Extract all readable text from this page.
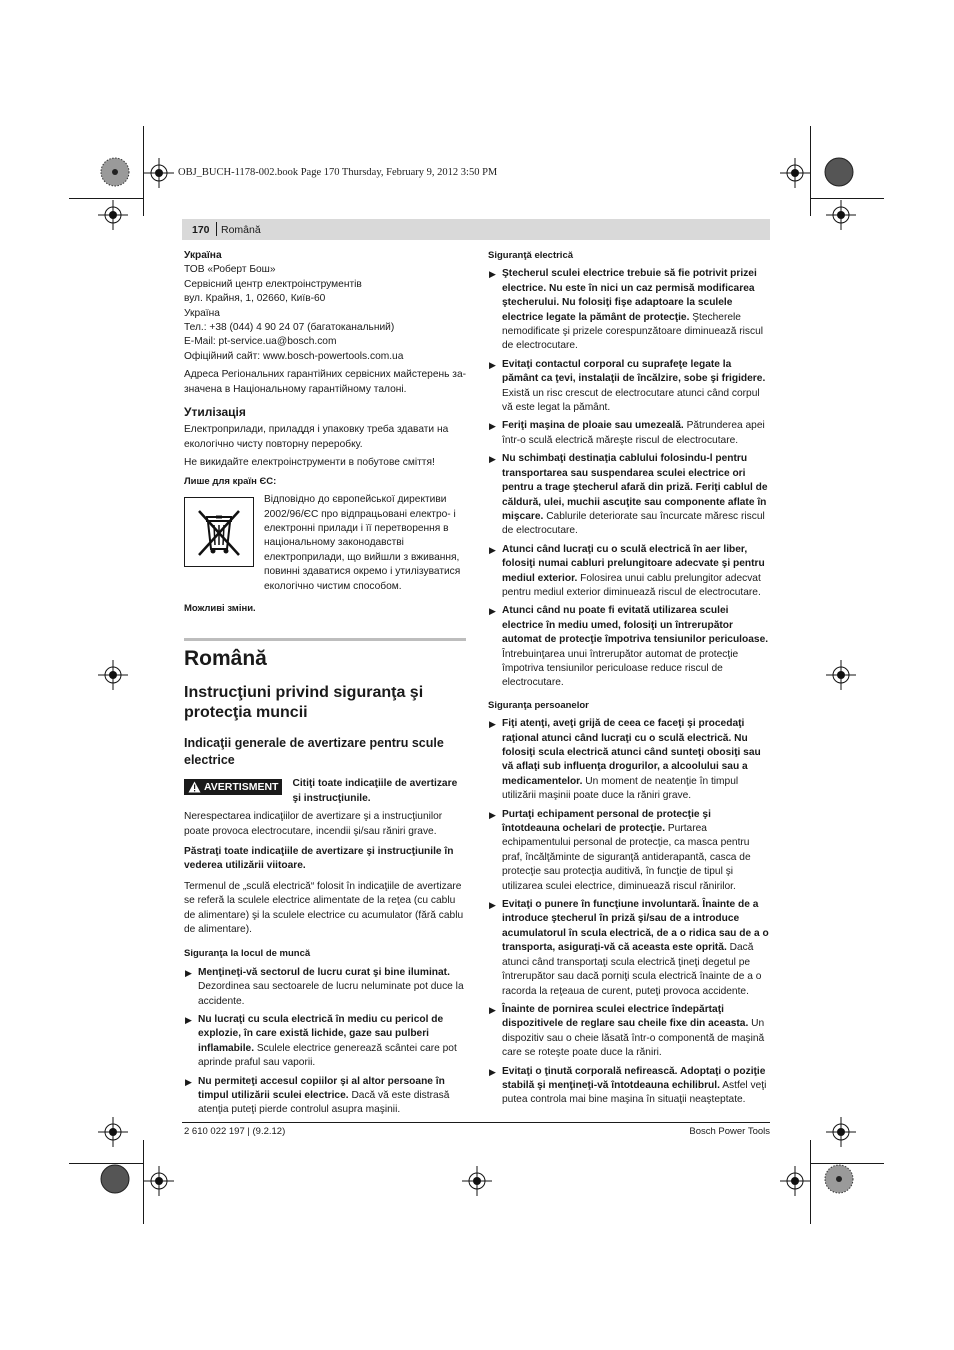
OBJ_BUCH-1178-002.book Page 170 Thursday, February 9, 2012 3:50 PM
170 Română

Україна

ТОВ «Роберт Бош»

Сервісний центр електроінструментів

вул. Крайня, 1, 02660, Київ-60

Україна

Тел.: +38 (044) 4 90 24 07 (багатоканальний)

E-Mail: pt-service.ua@bosch.com

Офіційний сайт: www.bosch-powertools.com.ua

Адреса Регіональних гарантійних сервісних майстерень за-

значена в Національному гарантійному талоні.

Утилізація

Електроприлади, приладдя і упаковку треба здавати на екологічно чисту повторну переробку.

Не викидайте електроінструменти в побутове сміття!

Лише для країн ЄС:

Відповідно до європейської директиви 2002/96/ЄС про відпрацьовані електро- і електронні прилади і її перетворення в національному законодавстві електроприлади, що вийшли з вживання, повинні здаватися окремо і утилізуватися екологічно чистим способом.

Можливі зміни.

Română

Instrucţiuni privind siguranţa şi protecţia muncii

Indicaţii generale de avertizare pentru scule electrice

AVERTISMENT Citiţi toate indicaţiile de avertizare şi instrucţiunile.

Nerespectarea indicaţiilor de avertizare şi a instrucţiunilor poate provoca electrocutare, incendii şi/sau răniri grave.

Păstraţi toate indicaţiile de avertizare şi instrucţiunile în vederea utilizării viitoare.

Termenul de „sculă electrică“ folosit în indicaţiile de avertizare se referă la sculele electrice alimentate de la reţea (cu cablu de alimentare) şi la sculele electrice cu acumulator (fără cablu de alimentare).

Siguranţa la locul de muncă

▶ Menţineţi-vă sectorul de lucru curat şi bine iluminat. Dezordinea sau sectoarele de lucru neluminate pot duce la accidente.
▶ Nu lucraţi cu scula electrică în mediu cu pericol de explozie, în care există lichide, gaze sau pulberi inflamabile. Sculele electrice generează scântei care pot aprinde praful sau vaporii.
▶ Nu permiteţi accesul copiilor şi al altor persoane în timpul utilizării sculei electrice. Dacă vă este distrasă atenţia puteţi pierde controlul asupra maşinii.

Siguranţă electrică

▶ Ştecherul sculei electrice trebuie să fie potrivit prizei electrice. Nu este în nici un caz permisă modificarea ştecherului. Nu folosiţi fişe adaptoare la sculele electrice legate la pământ de protecţie. Ştecherele nemodificate şi prizele corespunzătoare diminuează riscul de electrocutare.
▶ Evitaţi contactul corporal cu suprafeţe legate la pământ ca ţevi, instalaţii de încălzire, sobe şi frigidere. Există un risc crescut de electrocutare atunci când corpul vă este legat la pământ.
▶ Feriţi maşina de ploaie sau umezeală. Pătrunderea apei într-o sculă electrică măreşte riscul de electrocutare.
▶ Nu schimbaţi destinaţia cablului folosindu-l pentru transportarea sau suspendarea sculei electrice ori pentru a trage ştecherul afară din priză. Feriţi cablul de căldură, ulei, muchii ascuţite sau componente aflate în mişcare. Cablurile deteriorate sau încurcate măresc riscul de electrocutare.
▶ Atunci când lucraţi cu o sculă electrică în aer liber, folosiţi numai cabluri prelungitoare adecvate şi pentru mediul exterior. Folosirea unui cablu prelungitor adecvat pentru mediul exterior diminuează riscul de electrocutare.
▶ Atunci când nu poate fi evitată utilizarea sculei electrice în mediu umed, folosiţi un întrerupător automat de protecţie împotriva tensiunilor periculoase. Întrebuinţarea unui întrerupător automat de protecţie împotriva tensiunilor periculoase reduce riscul de electrocutare.

Siguranţa persoanelor

▶ Fiţi atenţi, aveţi grijă de ceea ce faceţi şi procedaţi raţional atunci când lucraţi cu o sculă electrică. Nu folosiţi scula electrică atunci când sunteţi obosiţi sau vă aflaţi sub influenţa drogurilor, a alcoolului sau a medicamentelor. Un moment de neatenţie în timpul utilizării maşinii poate duce la răniri grave.
▶ Purtaţi echipament personal de protecţie şi întotdeauna ochelari de protecţie. Purtarea echipamentului personal de protecţie, ca masca pentru praf, încălţăminte de siguranţă antiderapantă, casca de protecţie sau protecţia auditivă, în funcţie de tipul şi utilizarea sculei electrice, diminuează riscul rănirilor.
▶ Evitaţi o punere în funcţiune involuntară. Înainte de a introduce ştecherul în priză şi/sau de a introduce acumulatorul în scula electrică, de a o ridica sau de a o transporta, asiguraţi-vă că aceasta este oprită. Dacă atunci când transportaţi scula electrică ţineţi degetul pe întrerupător sau dacă porniţi scula electrică înainte de a o racorda la reţeaua de curent, puteţi provoca accidente.
▶ Înainte de pornirea sculei electrice îndepărtaţi dispozitivele de reglare sau cheile fixe din aceasta. Un dispozitiv sau o cheie lăsată într-o componentă de maşină care se roteşte poate duce la răniri.
▶ Evitaţi o ţinută corporală nefirească. Adoptaţi o poziţie stabilă şi menţineţi-vă întotdeauna echilibrul. Astfel veţi putea controla mai bine maşina în situaţii neaşteptate.
2 610 022 197 | (9.2.12)	Bosch Power Tools
